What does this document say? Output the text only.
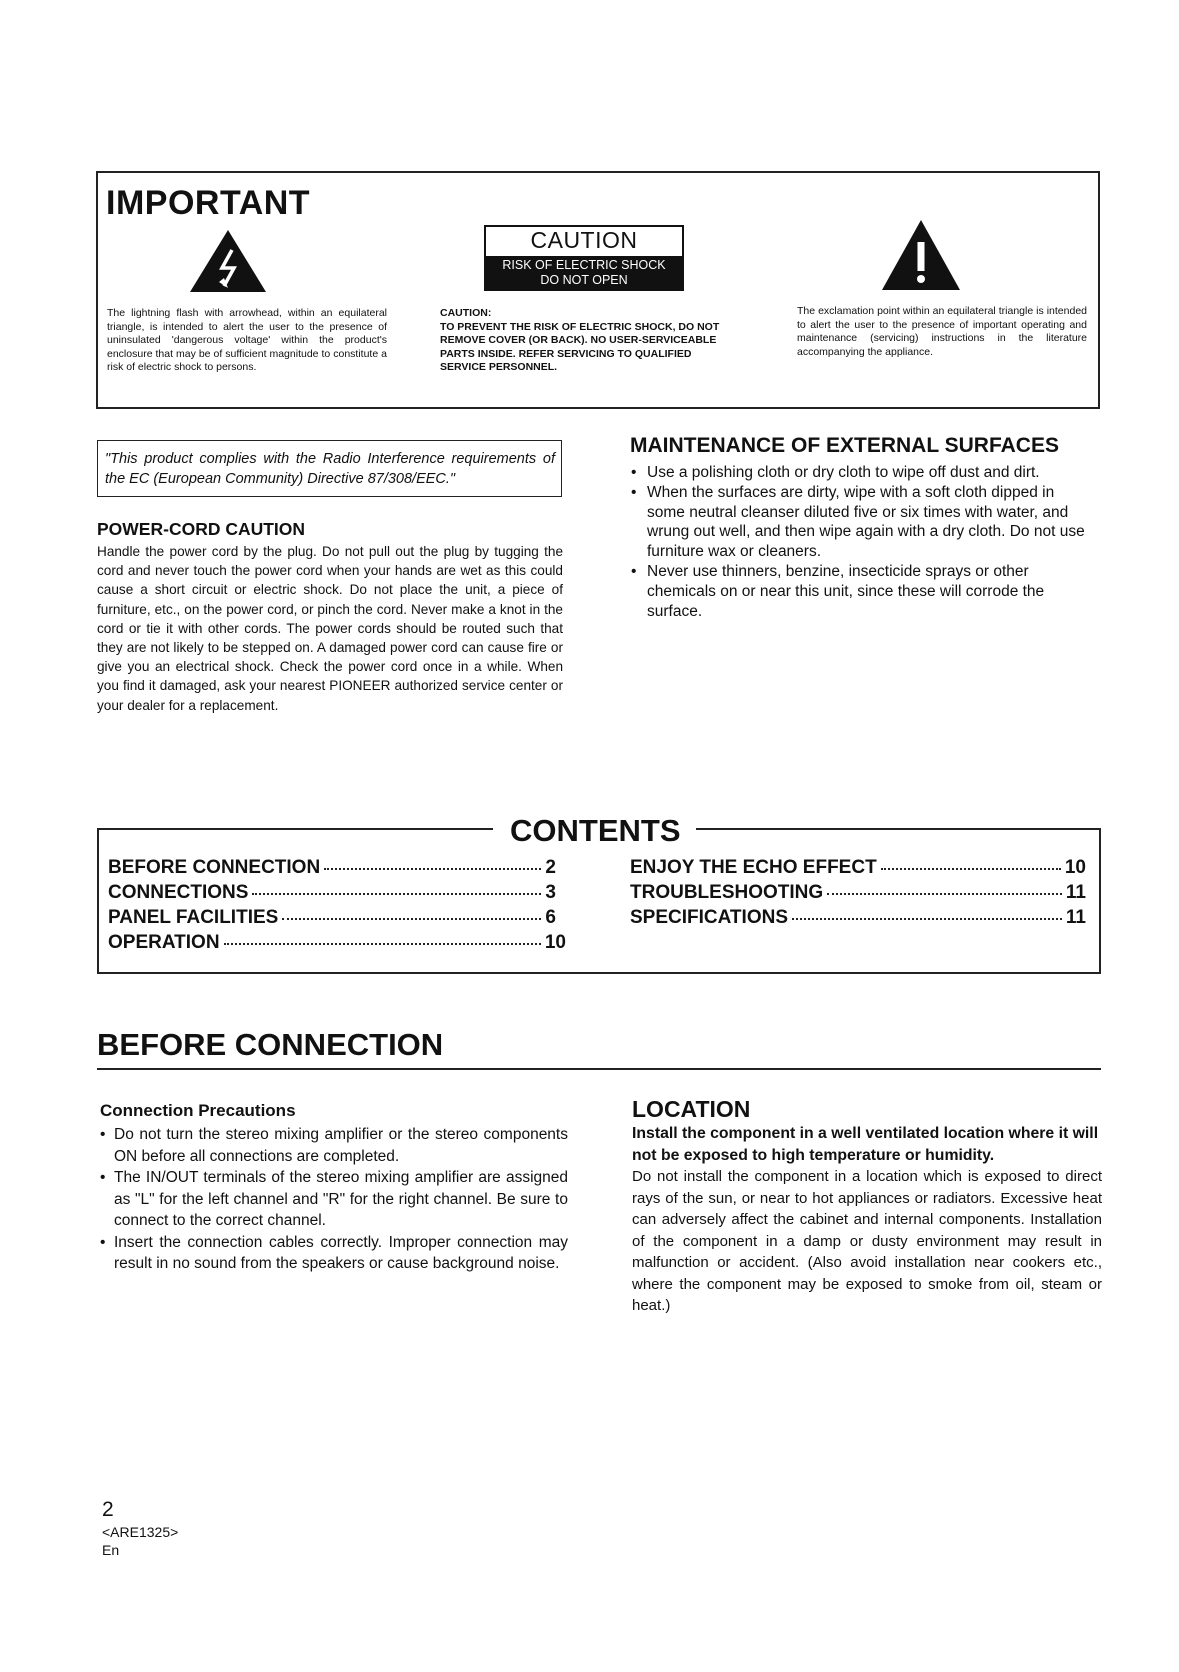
IMPORTANT
CAUTION
RISK OF ELECTRIC SHOCK
DO NOT OPEN
The lightning flash with arrowhead, within an equilateral triangle, is intended to alert the user to the presence of uninsulated 'dangerous voltage' within the product's enclosure that may be of sufficient magnitude to constitute a risk of electric shock to persons.
CAUTION:
TO PREVENT THE RISK OF ELECTRIC SHOCK, DO NOT REMOVE COVER (OR BACK). NO USER-SERVICEABLE PARTS INSIDE. REFER SERVICING TO QUALIFIED SERVICE PERSONNEL.
The exclamation point within an equilateral triangle is intended to alert the user to the presence of important operating and maintenance (servicing) instructions in the literature accompanying the appliance.
"This product complies with the Radio Interference requirements of the EC (European Community) Directive 87/308/EEC."
POWER-CORD CAUTION
Handle the power cord by the plug. Do not pull out the plug by tugging the cord and never touch the power cord when your hands are wet as this could cause a short circuit or electric shock. Do not place the unit, a piece of furniture, etc., on the power cord, or pinch the cord. Never make a knot in the cord or tie it with other cords. The power cords should be routed such that they are not likely to be stepped on. A damaged power cord can cause fire or give you an electrical shock. Check the power cord once in a while. When you find it damaged, ask your nearest PIONEER authorized service center or your dealer for a replacement.
MAINTENANCE OF EXTERNAL SURFACES
• Use a polishing cloth or dry cloth to wipe off dust and dirt.
• When the surfaces are dirty, wipe with a soft cloth dipped in some neutral cleanser diluted five or six times with water, and wrung out well, and then wipe again with a dry cloth. Do not use furniture wax or cleaners.
• Never use thinners, benzine, insecticide sprays or other chemicals on or near this unit, since these will corrode the surface.
CONTENTS
BEFORE CONNECTION	2
CONNECTIONS	3
PANEL FACILITIES	6
OPERATION	10
ENJOY THE ECHO EFFECT	10
TROUBLESHOOTING	11
SPECIFICATIONS	11
BEFORE CONNECTION
Connection Precautions
• Do not turn the stereo mixing amplifier or the stereo components ON before all connections are completed.
• The IN/OUT terminals of the stereo mixing amplifier are assigned as "L" for the left channel and "R" for the right channel. Be sure to connect to the correct channel.
• Insert the connection cables correctly. Improper connection may result in no sound from the speakers or cause background noise.
LOCATION
Install the component in a well ventilated location where it will not be exposed to high temperature or humidity.
Do not install the component in a location which is exposed to direct rays of the sun, or near to hot appliances or radiators. Excessive heat can adversely affect the cabinet and internal components. Installation of the component in a damp or dusty environment may result in malfunction or accident. (Also avoid installation near cookers etc., where the component may be exposed to smoke from oil, steam or heat.)
2
<ARE1325>
En
